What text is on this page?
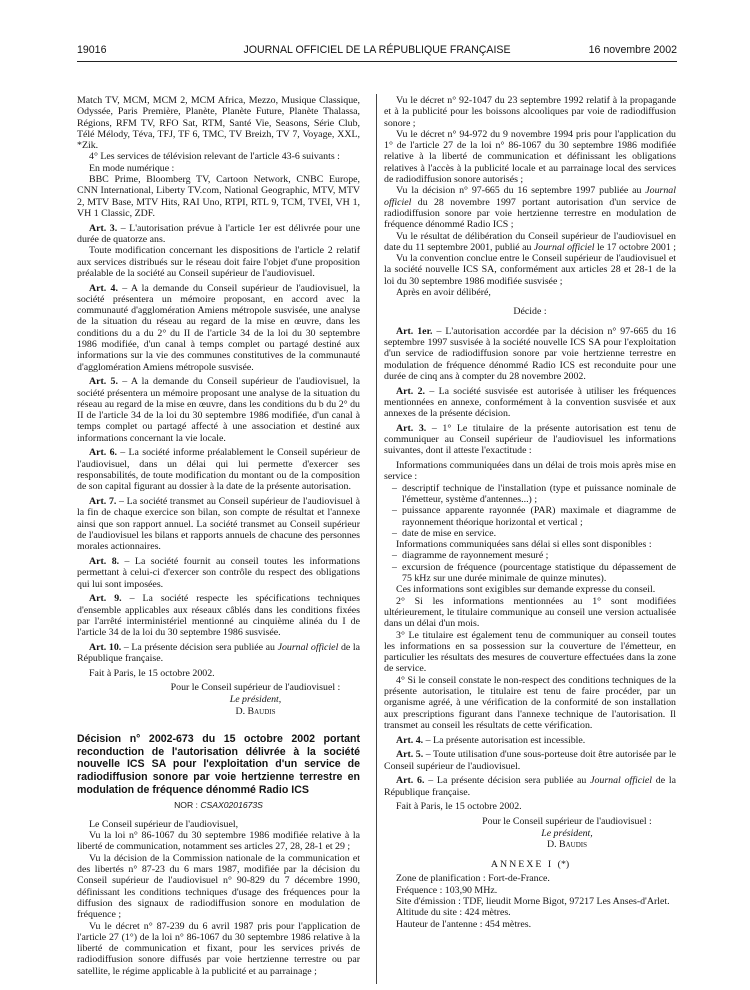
19016	JOURNAL OFFICIEL DE LA RÉPUBLIQUE FRANÇAISE	16 novembre 2002

Match TV, MCM, MCM 2, MCM Africa, Mezzo, Musique Classique, Odyssée, Paris Première, Planète, Planète Future, Planète Thalassa, Régions, RFM TV, RFO Sat, RTM, Santé Vie, Seasons, Série Club, Télé Mélody, Téva, TFJ, TF 6, TMC, TV Breizh, TV 7, Voyage, XXL, *Zik.

4° Les services de télévision relevant de l'article 43-6 suivants :

En mode numérique :

BBC Prime, Bloomberg TV, Cartoon Network, CNBC Europe, CNN International, Liberty TV.com, National Geographic, MTV, MTV 2, MTV Base, MTV Hits, RAI Uno, RTPI, RTL 9, TCM, TVEI, VH 1, VH 1 Classic, ZDF.

Art. 3. – L'autorisation prévue à l'article 1er est délivrée pour une durée de quatorze ans.

Toute modification concernant les dispositions de l'article 2 relatif aux services distribués sur le réseau doit faire l'objet d'une proposition préalable de la société au Conseil supérieur de l'audiovisuel.

Art. 4. – A la demande du Conseil supérieur de l'audiovisuel, la société présentera un mémoire proposant, en accord avec la communauté d'agglomération Amiens métropole susvisée, une analyse de la situation du réseau au regard de la mise en œuvre, dans les conditions du a du 2° du II de l'article 34 de la loi du 30 septembre 1986 modifiée, d'un canal à temps complet ou partagé destiné aux informations sur la vie des communes constitutives de la communauté d'agglomération Amiens métropole susvisée.

Art. 5. – A la demande du Conseil supérieur de l'audiovisuel, la société présentera un mémoire proposant une analyse de la situation du réseau au regard de la mise en œuvre, dans les conditions du b du 2° du II de l'article 34 de la loi du 30 septembre 1986 modifiée, d'un canal à temps complet ou partagé affecté à une association et destiné aux informations concernant la vie locale.

Art. 6. – La société informe préalablement le Conseil supérieur de l'audiovisuel, dans un délai qui lui permette d'exercer ses responsabilités, de toute modification du montant ou de la composition de son capital figurant au dossier à la date de la présente autorisation.

Art. 7. – La société transmet au Conseil supérieur de l'audiovisuel à la fin de chaque exercice son bilan, son compte de résultat et l'annexe ainsi que son rapport annuel. La société transmet au Conseil supérieur de l'audiovisuel les bilans et rapports annuels de chacune des personnes morales actionnaires.

Art. 8. – La société fournit au conseil toutes les informations permettant à celui-ci d'exercer son contrôle du respect des obligations qui lui sont imposées.

Art. 9. – La société respecte les spécifications techniques d'ensemble applicables aux réseaux câblés dans les conditions fixées par l'arrêté interministériel mentionné au cinquième alinéa du I de l'article 34 de la loi du 30 septembre 1986 susvisée.

Art. 10. – La présente décision sera publiée au Journal officiel de la République française.

Fait à Paris, le 15 octobre 2002.

Pour le Conseil supérieur de l'audiovisuel :
Le président,
D. Baudis

Décision n° 2002-673 du 15 octobre 2002 portant reconduction de l'autorisation délivrée à la société nouvelle ICS SA pour l'exploitation d'un service de radiodiffusion sonore par voie hertzienne terrestre en modulation de fréquence dénommé Radio ICS

NOR : CSAX0201673S

Le Conseil supérieur de l'audiovisuel,

Vu la loi n° 86-1067 du 30 septembre 1986 modifiée relative à la liberté de communication, notamment ses articles 27, 28, 28-1 et 29 ;

Vu la décision de la Commission nationale de la communication et des libertés n° 87-23 du 6 mars 1987, modifiée par la décision du Conseil supérieur de l'audiovisuel n° 90-829 du 7 décembre 1990, définissant les conditions techniques d'usage des fréquences pour la diffusion des signaux de radiodiffusion sonore en modulation de fréquence ;

Vu le décret n° 87-239 du 6 avril 1987 pris pour l'application de l'article 27 (1°) de la loi n° 86-1067 du 30 septembre 1986 relative à la liberté de communication et fixant, pour les services privés de radiodiffusion sonore diffusés par voie hertzienne terrestre ou par satellite, le régime applicable à la publicité et au parrainage ;

Vu le décret n° 92-1047 du 23 septembre 1992 relatif à la propagande et à la publicité pour les boissons alcooliques par voie de radiodiffusion sonore ;

Vu le décret n° 94-972 du 9 novembre 1994 pris pour l'application du 1° de l'article 27 de la loi n° 86-1067 du 30 septembre 1986 modifiée relative à la liberté de communication et définissant les obligations relatives à l'accès à la publicité locale et au parrainage local des services de radiodiffusion sonore autorisés ;

Vu la décision n° 97-665 du 16 septembre 1997 publiée au Journal officiel du 28 novembre 1997 portant autorisation d'un service de radiodiffusion sonore par voie hertzienne terrestre en modulation de fréquence dénommé Radio ICS ;

Vu le résultat de délibération du Conseil supérieur de l'audiovisuel en date du 11 septembre 2001, publié au Journal officiel le 17 octobre 2001 ;

Vu la convention conclue entre le Conseil supérieur de l'audiovisuel et la société nouvelle ICS SA, conformément aux articles 28 et 28-1 de la loi du 30 septembre 1986 modifiée susvisée ;

Après en avoir délibéré,

Décide :

Art. 1er. – L'autorisation accordée par la décision n° 97-665 du 16 septembre 1997 susvisée à la société nouvelle ICS SA pour l'exploitation d'un service de radiodiffusion sonore par voie hertzienne terrestre en modulation de fréquence dénommé Radio ICS est reconduite pour une durée de cinq ans à compter du 28 novembre 2002.

Art. 2. – La société susvisée est autorisée à utiliser les fréquences mentionnées en annexe, conformément à la convention susvisée et aux annexes de la présente décision.

Art. 3. – 1° Le titulaire de la présente autorisation est tenu de communiquer au Conseil supérieur de l'audiovisuel les informations suivantes, dont il atteste l'exactitude :

Informations communiquées dans un délai de trois mois après mise en service :

– descriptif technique de l'installation (type et puissance nominale de l'émetteur, système d'antennes...) ;
– puissance apparente rayonnée (PAR) maximale et diagramme de rayonnement théorique horizontal et vertical ;
– date de mise en service.

Informations communiquées sans délai si elles sont disponibles :

– diagramme de rayonnement mesuré ;
– excursion de fréquence (pourcentage statistique du dépassement de 75 kHz sur une durée minimale de quinze minutes).

Ces informations sont exigibles sur demande expresse du conseil.

2° Si les informations mentionnées au 1° sont modifiées ultérieurement, le titulaire communique au conseil une version actualisée dans un délai d'un mois.

3° Le titulaire est également tenu de communiquer au conseil toutes les informations en sa possession sur la couverture de l'émetteur, en particulier les résultats des mesures de couverture effectuées dans la zone de service.

4° Si le conseil constate le non-respect des conditions techniques de la présente autorisation, le titulaire est tenu de faire procéder, par un organisme agréé, à une vérification de la conformité de son installation aux prescriptions figurant dans l'annexe technique de l'autorisation. Il transmet au conseil les résultats de cette vérification.

Art. 4. – La présente autorisation est incessible.

Art. 5. – Toute utilisation d'une sous-porteuse doit être autorisée par le Conseil supérieur de l'audiovisuel.

Art. 6. – La présente décision sera publiée au Journal officiel de la République française.

Fait à Paris, le 15 octobre 2002.

Pour le Conseil supérieur de l'audiovisuel :
Le président,
D. Baudis

ANNEXE I (*)

Zone de planification : Fort-de-France.

Fréquence : 103,90 MHz.

Site d'émission : TDF, lieudit Morne Bigot, 97217 Les Anses-d'Arlet.

Altitude du site : 424 mètres.

Hauteur de l'antenne : 454 mètres.
